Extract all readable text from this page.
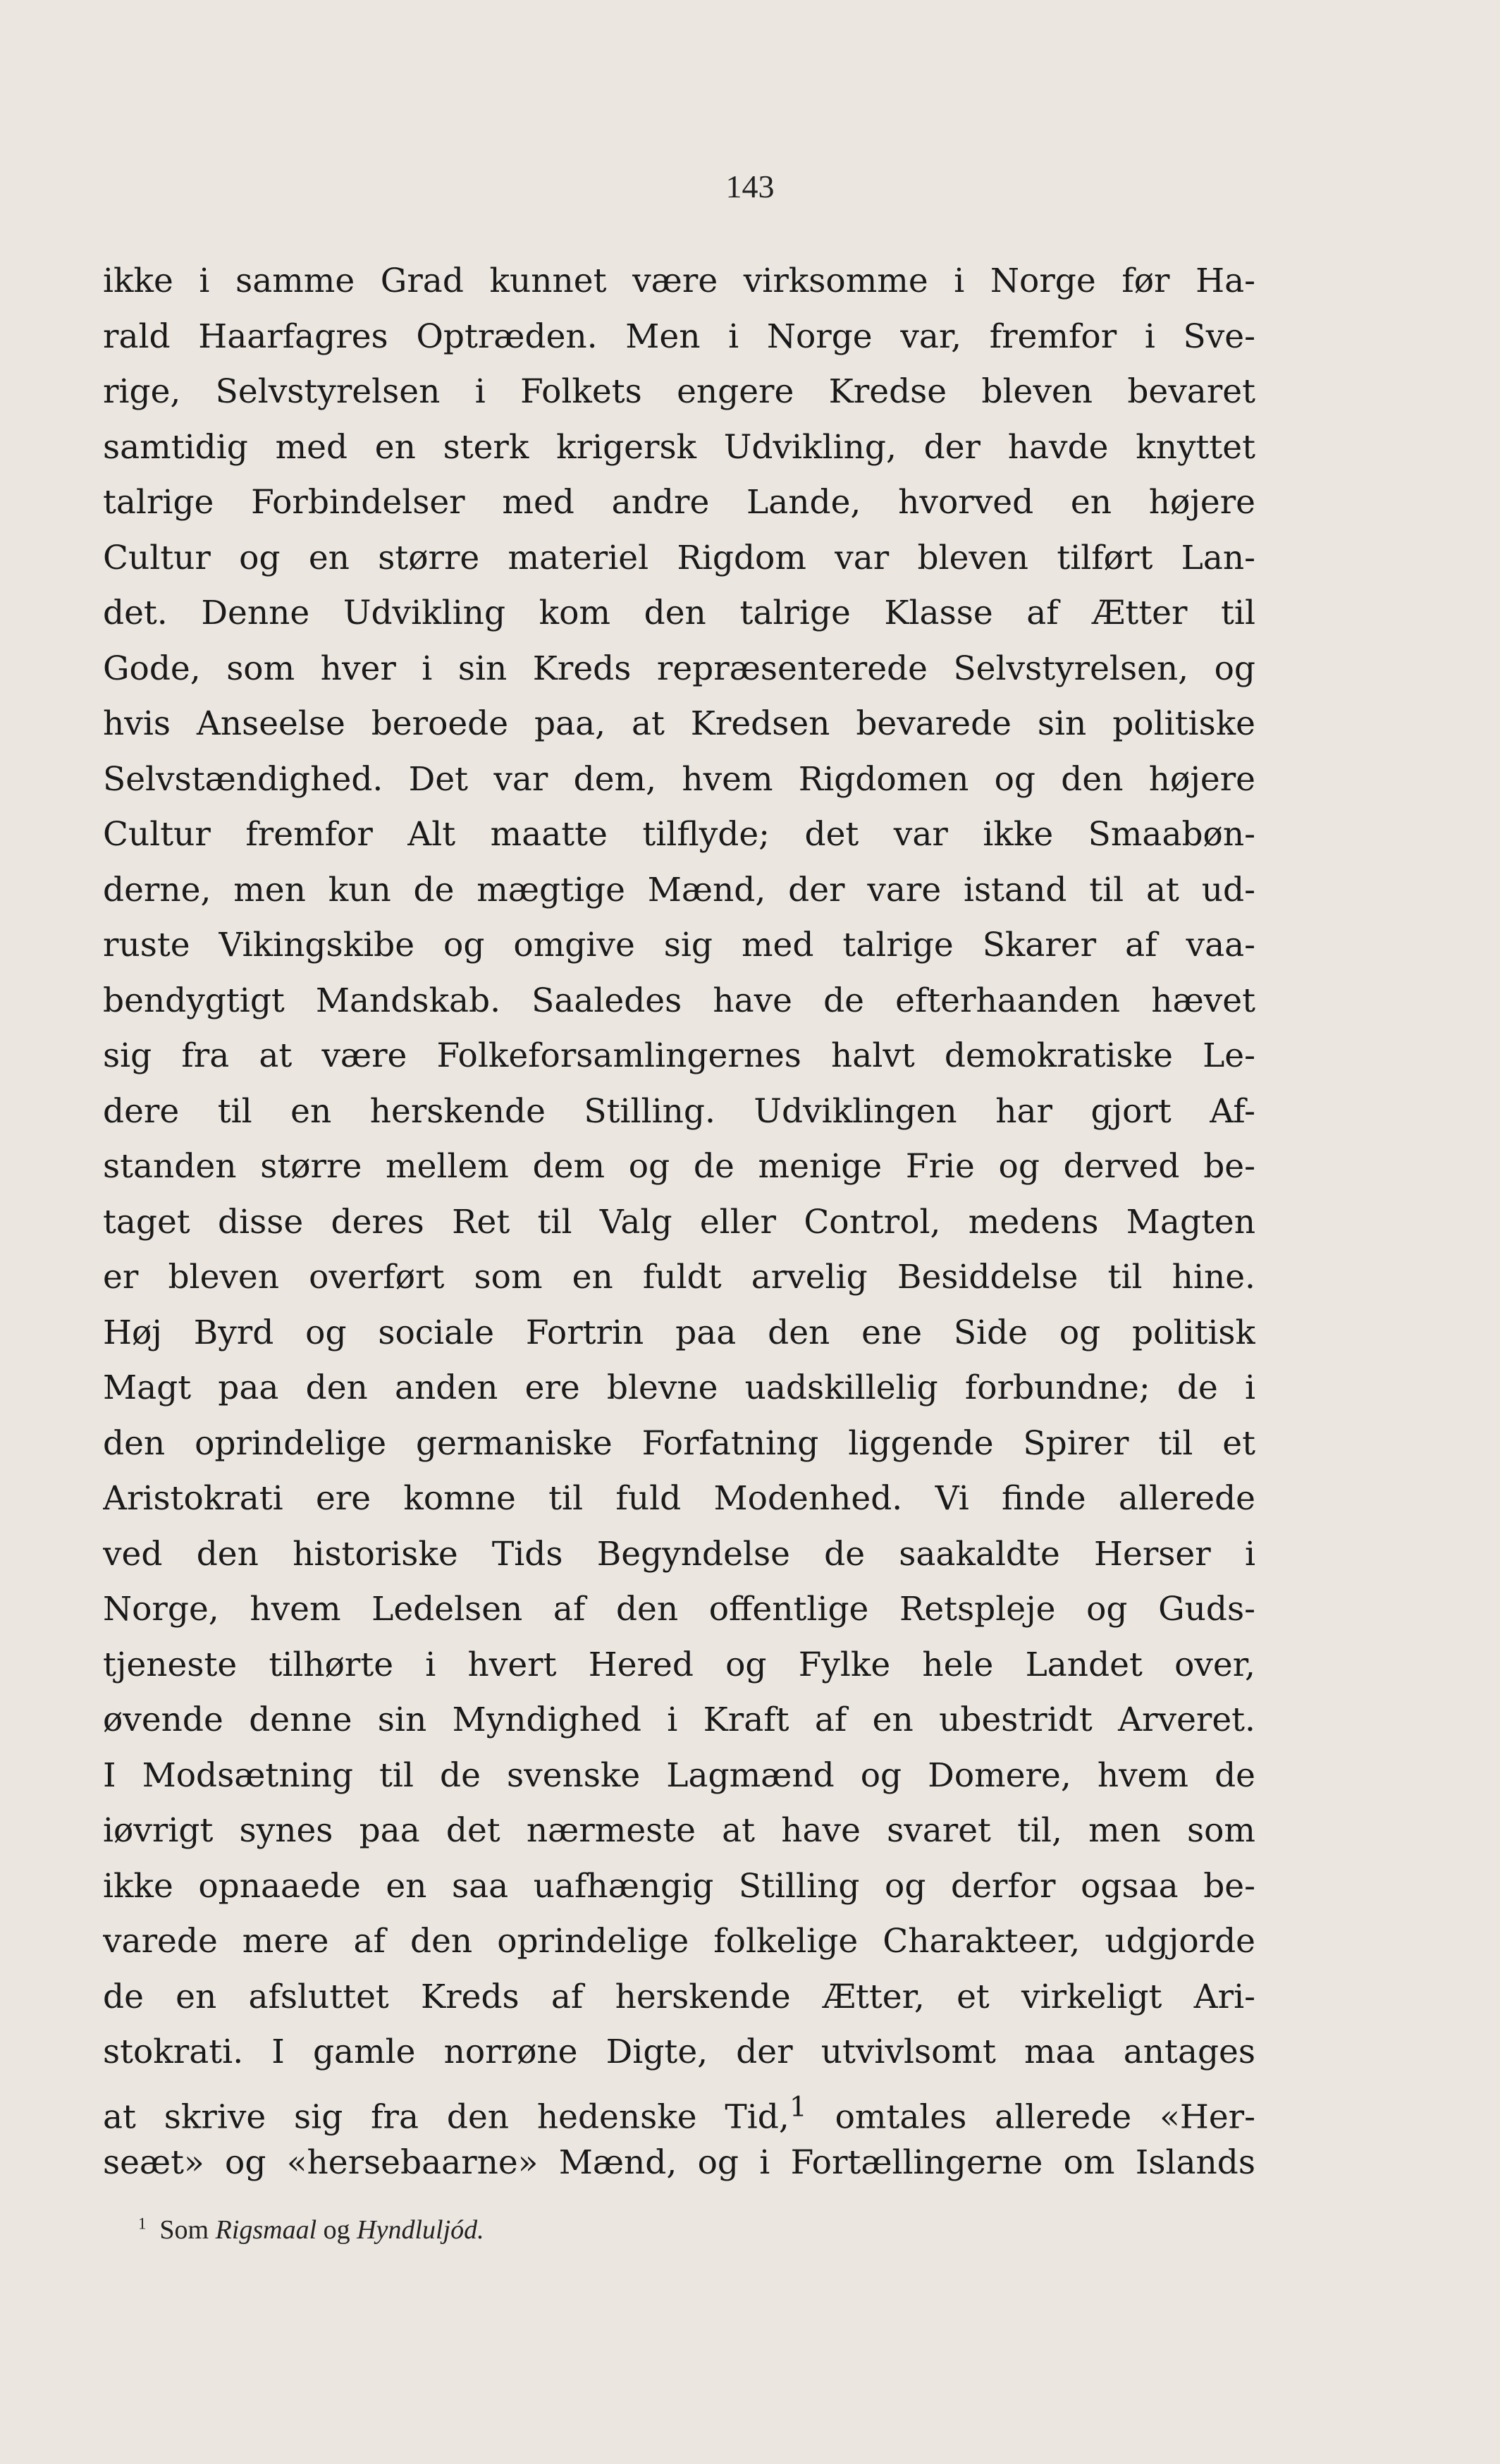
143
ikke i samme Grad kunnet være virksomme i Norge før Ha-
rald Haarfagres Optræden. Men i Norge var, fremfor i Sve-
rige, Selvstyrelsen i Folkets engere Kredse bleven bevaret
samtidig med en sterk krigersk Udvikling, der havde knyttet
talrige Forbindelser med andre Lande, hvorved en højere
Cultur og en større materiel Rigdom var bleven tilført Lan-
det. Denne Udvikling kom den talrige Klasse af Ætter til
Gode, som hver i sin Kreds repræsenterede Selvstyrelsen, og
hvis Anseelse beroede paa, at Kredsen bevarede sin politiske
Selvstændighed. Det var dem, hvem Rigdomen og den højere
Cultur fremfor Alt maatte tilflyde; det var ikke Smaabøn-
derne, men kun de mægtige Mænd, der vare istand til at ud-
ruste Vikingskibe og omgive sig med talrige Skarer af vaa-
bendygtigt Mandskab. Saaledes have de efterhaanden hævet
sig fra at være Folkeforsamlingernes halvt demokratiske Le-
dere til en herskende Stilling. Udviklingen har gjort Af-
standen større mellem dem og de menige Frie og derved be-
taget disse deres Ret til Valg eller Control, medens Magten
er bleven overført som en fuldt arvelig Besiddelse til hine.
Høj Byrd og sociale Fortrin paa den ene Side og politisk
Magt paa den anden ere blevne uadskillelig forbundne; de i
den oprindelige germaniske Forfatning liggende Spirer til et
Aristokrati ere komne til fuld Modenhed. Vi finde allerede
ved den historiske Tids Begyndelse de saakaldte Herser i
Norge, hvem Ledelsen af den offentlige Retspleje og Guds-
tjeneste tilhørte i hvert Hered og Fylke hele Landet over,
øvende denne sin Myndighed i Kraft af en ubestridt Arveret.
I Modsætning til de svenske Lagmænd og Domere, hvem de
iøvrigt synes paa det nærmeste at have svaret til, men som
ikke opnaaede en saa uafhængig Stilling og derfor ogsaa be-
varede mere af den oprindelige folkelige Charakteer, udgjorde
de en afsluttet Kreds af herskende Ætter, et virkeligt Ari-
stokrati. I gamle norrøne Digte, der utvivlsomt maa antages
at skrive sig fra den hedenske Tid,$^1$ omtales allerede «Her-
seæt» og «hersebaarne» Mænd, og i Fortællingerne om Islands
$^1$ Som Rigsmaal og Hyndluljód.
